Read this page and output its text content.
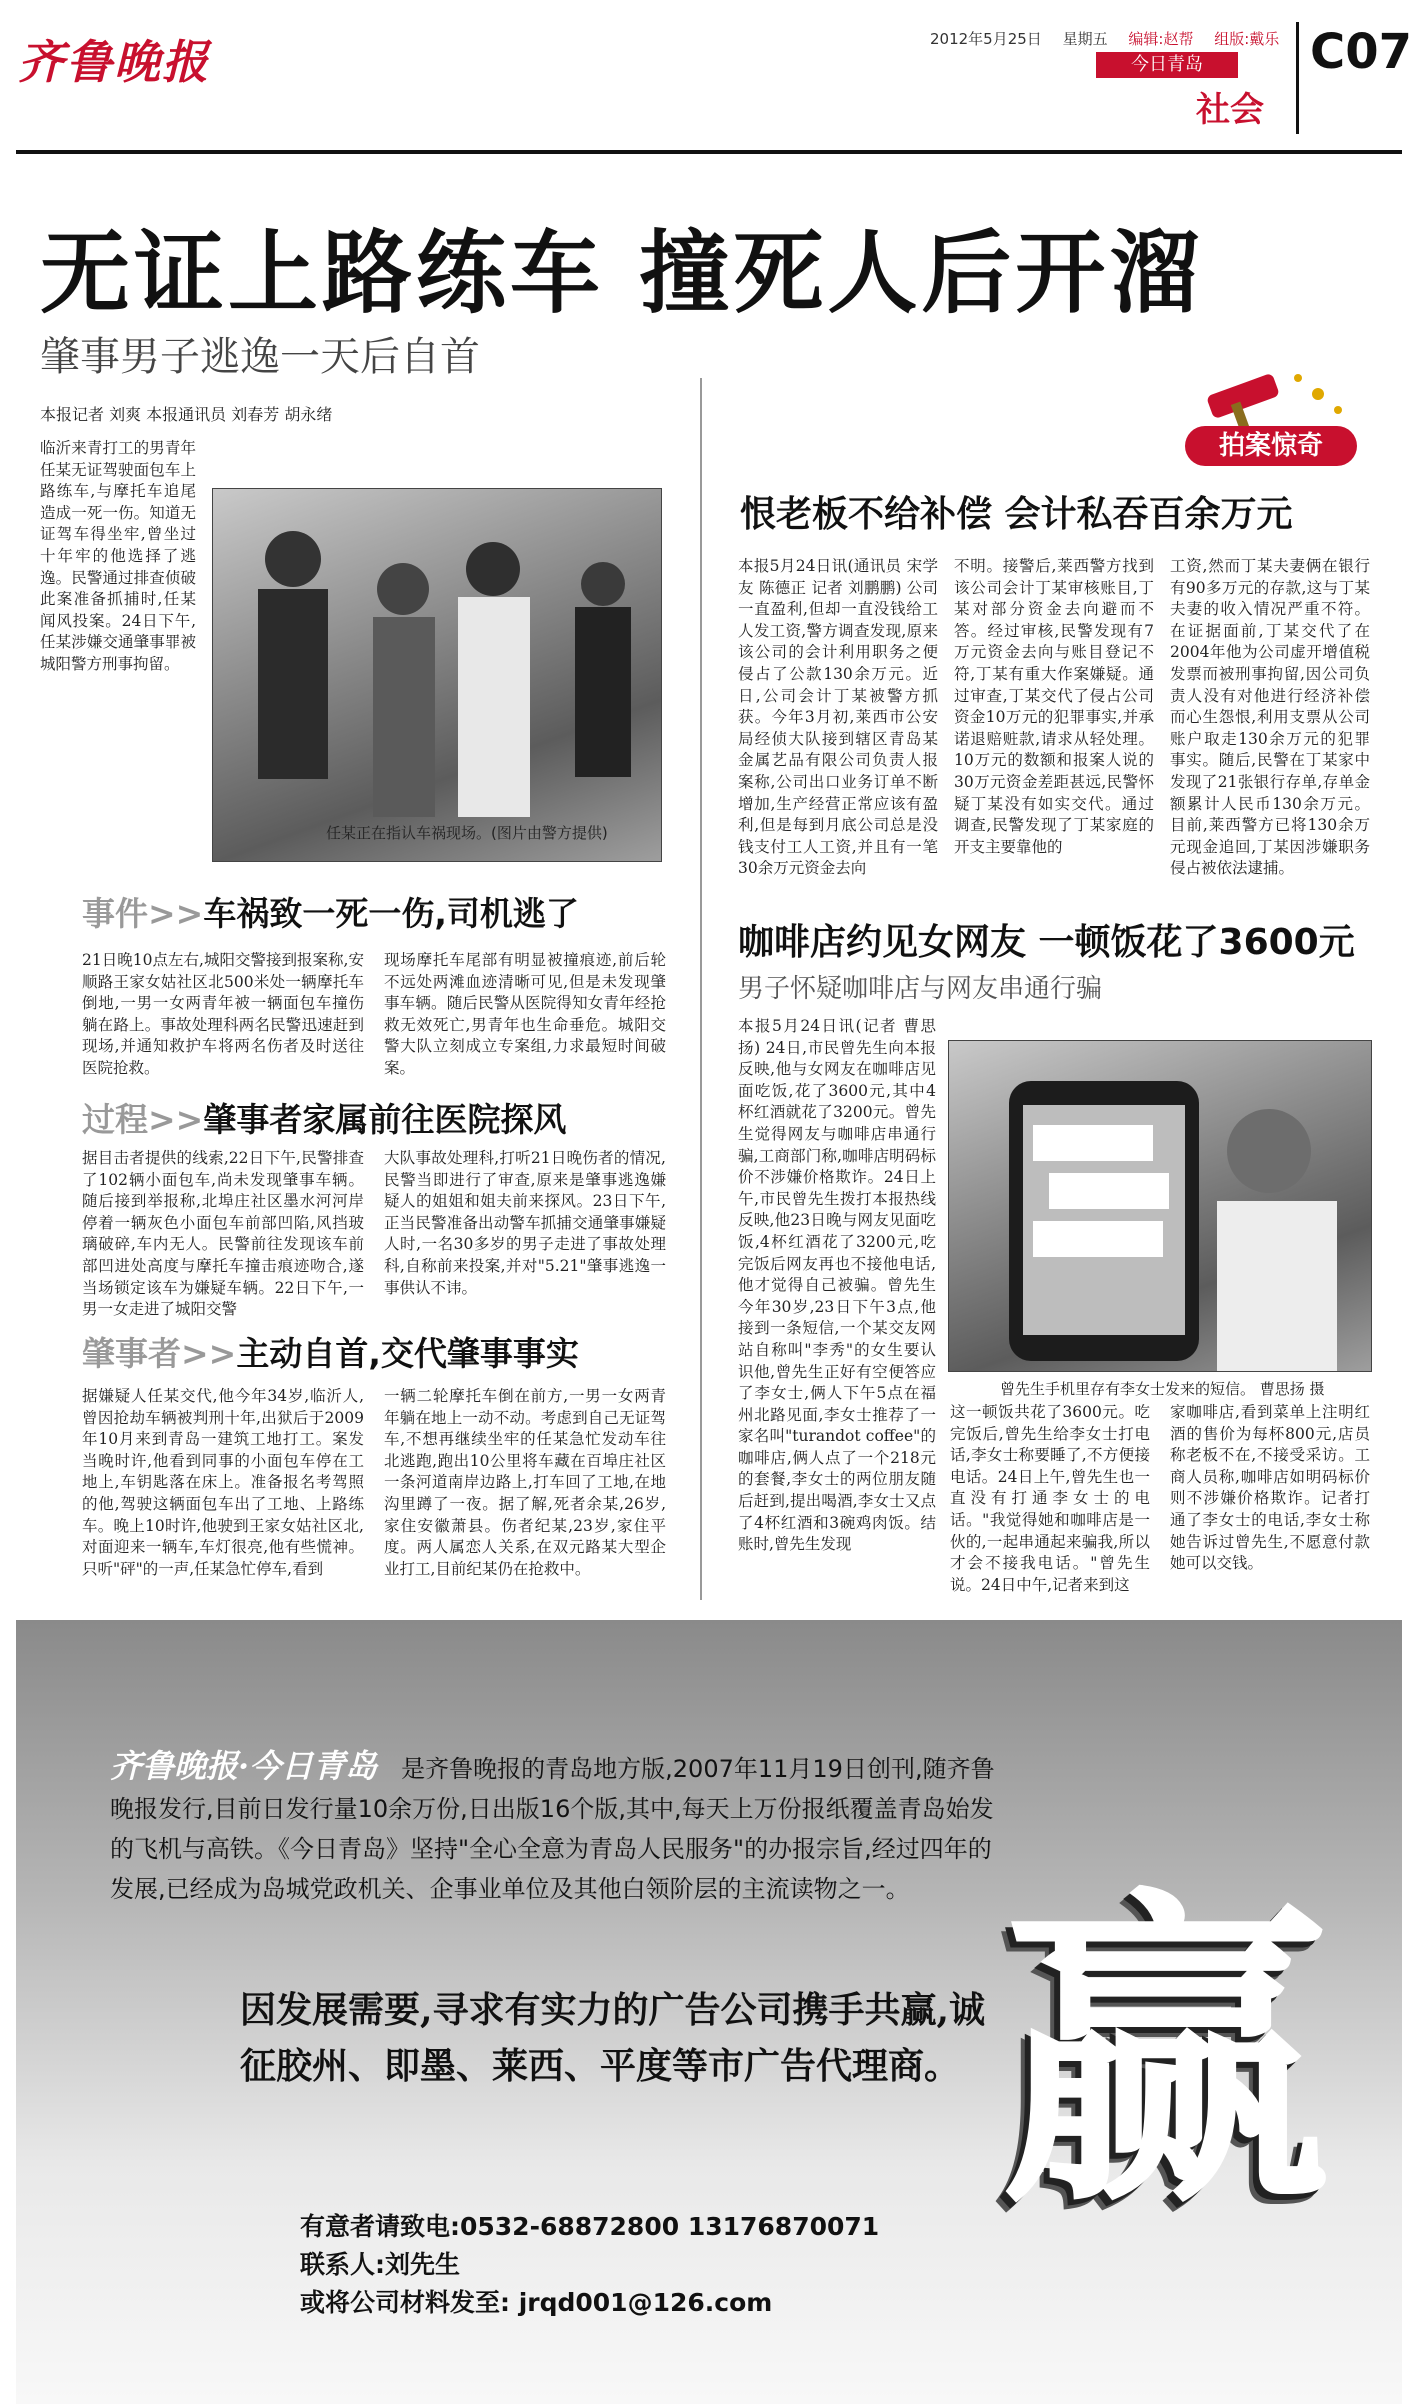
齐鲁晚报	2012年5月25日 星期五 编辑:赵帮 组版:戴乐
今日青岛
社会
C07
无证上路练车 撞死人后开溜
肇事男子逃逸一天后自首
本报记者 刘爽 本报通讯员 刘春芳 胡永绪
临沂来青打工的男青年任某无证驾驶面包车上路练车,与摩托车追尾造成一死一伤。知道无证驾车得坐牢,曾坐过十年牢的他选择了逃逸。民警通过排查侦破此案准备抓捕时,任某闻风投案。24日下午,任某涉嫌交通肇事罪被城阳警方刑事拘留。
任某正在指认车祸现场。(图片由警方提供)
事件>>车祸致一死一伤,司机逃了
21日晚10点左右,城阳交警接到报案称,安顺路王家女姑社区北500米处一辆摩托车倒地,一男一女两青年被一辆面包车撞伤躺在路上。事故处理科两名民警迅速赶到现场,并通知救护车将两名伤者及时送往医院抢救。
现场摩托车尾部有明显被撞痕迹,前后轮不远处两滩血迹清晰可见,但是未发现肇事车辆。随后民警从医院得知女青年经抢救无效死亡,男青年也生命垂危。城阳交警大队立刻成立专案组,力求最短时间破案。
过程>>肇事者家属前往医院探风
据目击者提供的线索,22日下午,民警排查了102辆小面包车,尚未发现肇事车辆。随后接到举报称,北埠庄社区墨水河河岸停着一辆灰色小面包车前部凹陷,风挡玻璃破碎,车内无人。民警前往发现该车前部凹进处高度与摩托车撞击痕迹吻合,遂当场锁定该车为嫌疑车辆。22日下午,一男一女走进了城阳交警
大队事故处理科,打听21日晚伤者的情况,民警当即进行了审查,原来是肇事逃逸嫌疑人的姐姐和姐夫前来探风。23日下午,正当民警准备出动警车抓捕交通肇事嫌疑人时,一名30多岁的男子走进了事故处理科,自称前来投案,并对"5.21"肇事逃逸一事供认不讳。
肇事者>>主动自首,交代肇事事实
据嫌疑人任某交代,他今年34岁,临沂人,曾因抢劫车辆被判刑十年,出狱后于2009年10月来到青岛一建筑工地打工。案发当晚时许,他看到同事的小面包车停在工地上,车钥匙落在床上。准备报名考驾照的他,驾驶这辆面包车出了工地、上路练车。晚上10时许,他驶到王家女姑社区北,对面迎来一辆车,车灯很亮,他有些慌神。只听"砰"的一声,任某急忙停车,看到
一辆二轮摩托车倒在前方,一男一女两青年躺在地上一动不动。考虑到自己无证驾车,不想再继续坐牢的任某急忙发动车往北逃跑,跑出10公里将车藏在百埠庄社区一条河道南岸边路上,打车回了工地,在地沟里蹲了一夜。据了解,死者余某,26岁,家住安徽萧县。伤者纪某,23岁,家住平度。两人属恋人关系,在双元路某大型企业打工,目前纪某仍在抢救中。
拍案惊奇
恨老板不给补偿 会计私吞百余万元
本报5月24日讯(通讯员 宋学友 陈德正 记者 刘鹏鹏) 公司一直盈利,但却一直没钱给工人发工资,警方调查发现,原来该公司的会计利用职务之便侵占了公款130余万元。近日,公司会计丁某被警方抓获。今年3月初,莱西市公安局经侦大队接到辖区青岛某金属艺品有限公司负责人报案称,公司出口业务订单不断增加,生产经营正常应该有盈利,但是每到月底公司总是没钱支付工人工资,并且有一笔30余万元资金去向
不明。接警后,莱西警方找到该公司会计丁某审核账目,丁某对部分资金去向避而不答。经过审核,民警发现有7万元资金去向与账目登记不符,丁某有重大作案嫌疑。通过审查,丁某交代了侵占公司资金10万元的犯罪事实,并承诺退赔赃款,请求从轻处理。10万元的数额和报案人说的30万元资金差距甚远,民警怀疑丁某没有如实交代。通过调查,民警发现了丁某家庭的开支主要靠他的
工资,然而丁某夫妻俩在银行有90多万元的存款,这与丁某夫妻的收入情况严重不符。在证据面前,丁某交代了在2004年他为公司虚开增值税发票而被刑事拘留,因公司负责人没有对他进行经济补偿而心生怨恨,利用支票从公司账户取走130余万元的犯罪事实。随后,民警在丁某家中发现了21张银行存单,存单金额累计人民币130余万元。目前,莱西警方已将130余万元现金追回,丁某因涉嫌职务侵占被依法逮捕。
咖啡店约见女网友 一顿饭花了3600元
男子怀疑咖啡店与网友串通行骗
本报5月24日讯(记者 曹思扬) 24日,市民曾先生向本报反映,他与女网友在咖啡店见面吃饭,花了3600元,其中4杯红酒就花了3200元。曾先生觉得网友与咖啡店串通行骗,工商部门称,咖啡店明码标价不涉嫌价格欺诈。24日上午,市民曾先生拨打本报热线反映,他23日晚与网友见面吃饭,4杯红酒花了3200元,吃完饭后网友再也不接他电话,他才觉得自己被骗。曾先生今年30岁,23日下午3点,他接到一条短信,一个某交友网站自称叫"李秀"的女生要认识他,曾先生正好有空便答应了李女士,俩人下午5点在福州北路见面,李女士推荐了一家名叫"turandot coffee"的咖啡店,俩人点了一个218元的套餐,李女士的两位朋友随后赶到,提出喝酒,李女士又点了4杯红酒和3碗鸡肉饭。结账时,曾先生发现
曾先生手机里存有李女士发来的短信。 曹思扬 摄
这一顿饭共花了3600元。吃完饭后,曾先生给李女士打电话,李女士称要睡了,不方便接电话。24日上午,曾先生也一直没有打通李女士的电话。"我觉得她和咖啡店是一伙的,一起串通起来骗我,所以才会不接我电话。"曾先生说。24日中午,记者来到这
家咖啡店,看到菜单上注明红酒的售价为每杯800元,店员称老板不在,不接受采访。工商人员称,咖啡店如明码标价则不涉嫌价格欺诈。记者打通了李女士的电话,李女士称她告诉过曾先生,不愿意付款她可以交钱。
赢
齐鲁晚报·今日青岛 是齐鲁晚报的青岛地方版,2007年11月19日创刊,随齐鲁晚报发行,目前日发行量10余万份,日出版16个版,其中,每天上万份报纸覆盖青岛始发的飞机与高铁。《今日青岛》坚持"全心全意为青岛人民服务"的办报宗旨,经过四年的发展,已经成为岛城党政机关、企事业单位及其他白领阶层的主流读物之一。
因发展需要,寻求有实力的广告公司携手共赢,诚征胶州、即墨、莱西、平度等市广告代理商。
有意者请致电:0532-68872800 13176870071
联系人:刘先生
或将公司材料发至: jrqd001@126.com
